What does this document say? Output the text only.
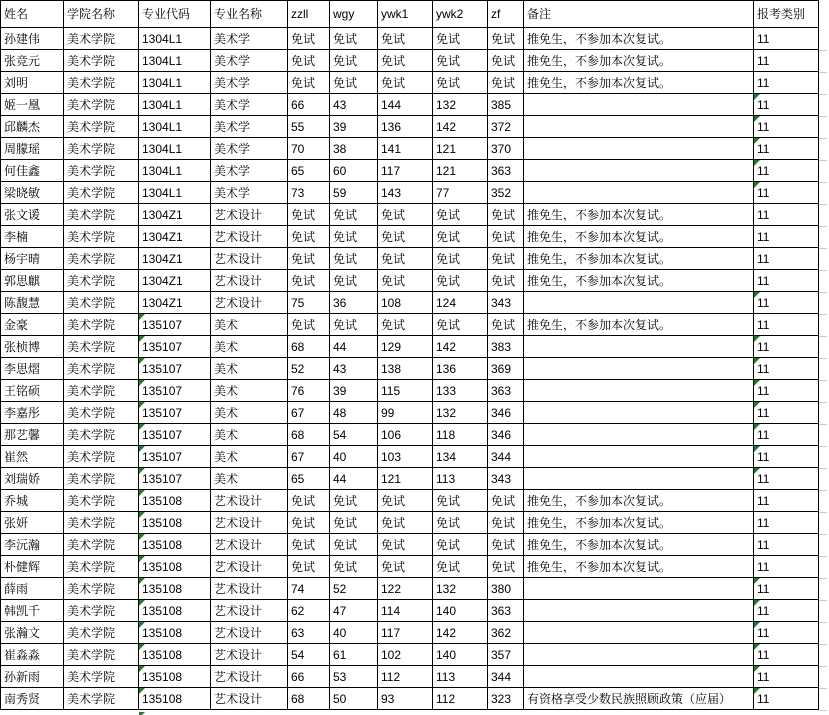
姓名	学院名称	专业代码	专业名称	zzll	wgy	ywk1	ywk2	zf	备注	报考类别
孙建伟	美术学院	1304L1	美术学	免试	免试	免试	免试	免试	推免生，不参加本次复试。	11
张竞元	美术学院	1304L1	美术学	免试	免试	免试	免试	免试	推免生，不参加本次复试。	11
刘明	美术学院	1304L1	美术学	免试	免试	免试	免试	免试	推免生，不参加本次复试。	11
姬一凰	美术学院	1304L1	美术学	66	43	144	132	385		11
邱麟杰	美术学院	1304L1	美术学	55	39	136	142	372		11
周朦瑶	美术学院	1304L1	美术学	70	38	141	121	370		11
何佳鑫	美术学院	1304L1	美术学	65	60	117	121	363		11
梁晓敏	美术学院	1304L1	美术学	73	59	143	77	352		11
张文谖	美术学院	1304Z1	艺术设计	免试	免试	免试	免试	免试	推免生，不参加本次复试。	11
李楠	美术学院	1304Z1	艺术设计	免试	免试	免试	免试	免试	推免生，不参加本次复试。	11
杨宇晴	美术学院	1304Z1	艺术设计	免试	免试	免试	免试	免试	推免生，不参加本次复试。	11
郭思麒	美术学院	1304Z1	艺术设计	免试	免试	免试	免试	免试	推免生，不参加本次复试。	11
陈馥慧	美术学院	1304Z1	艺术设计	75	36	108	124	343		11
金豪	美术学院	135107	美术	免试	免试	免试	免试	免试	推免生，不参加本次复试。	11
张桢博	美术学院	135107	美术	68	44	129	142	383		11
李思熠	美术学院	135107	美术	52	43	138	136	369		11
王铭硕	美术学院	135107	美术	76	39	115	133	363		11
李嘉彤	美术学院	135107	美术	67	48	99	132	346		11
那艺馨	美术学院	135107	美术	68	54	106	118	346		11
崔然	美术学院	135107	美术	67	40	103	134	344		11
刘瑞娇	美术学院	135107	美术	65	44	121	113	343		11
乔城	美术学院	135108	艺术设计	免试	免试	免试	免试	免试	推免生，不参加本次复试。	11
张妍	美术学院	135108	艺术设计	免试	免试	免试	免试	免试	推免生，不参加本次复试。	11
李沅瀚	美术学院	135108	艺术设计	免试	免试	免试	免试	免试	推免生，不参加本次复试。	11
朴健辉	美术学院	135108	艺术设计	免试	免试	免试	免试	免试	推免生，不参加本次复试。	11
薛雨	美术学院	135108	艺术设计	74	52	122	132	380		11
韩凯千	美术学院	135108	艺术设计	62	47	114	140	363		11
张瀚文	美术学院	135108	艺术设计	63	40	117	142	362		11
崔淼淼	美术学院	135108	艺术设计	54	61	102	140	357		11
孙新雨	美术学院	135108	艺术设计	66	53	112	113	344		11
南秀贤	美术学院	135108	艺术设计	68	50	93	112	323	有资格享受少数民族照顾政策（应届）	11
